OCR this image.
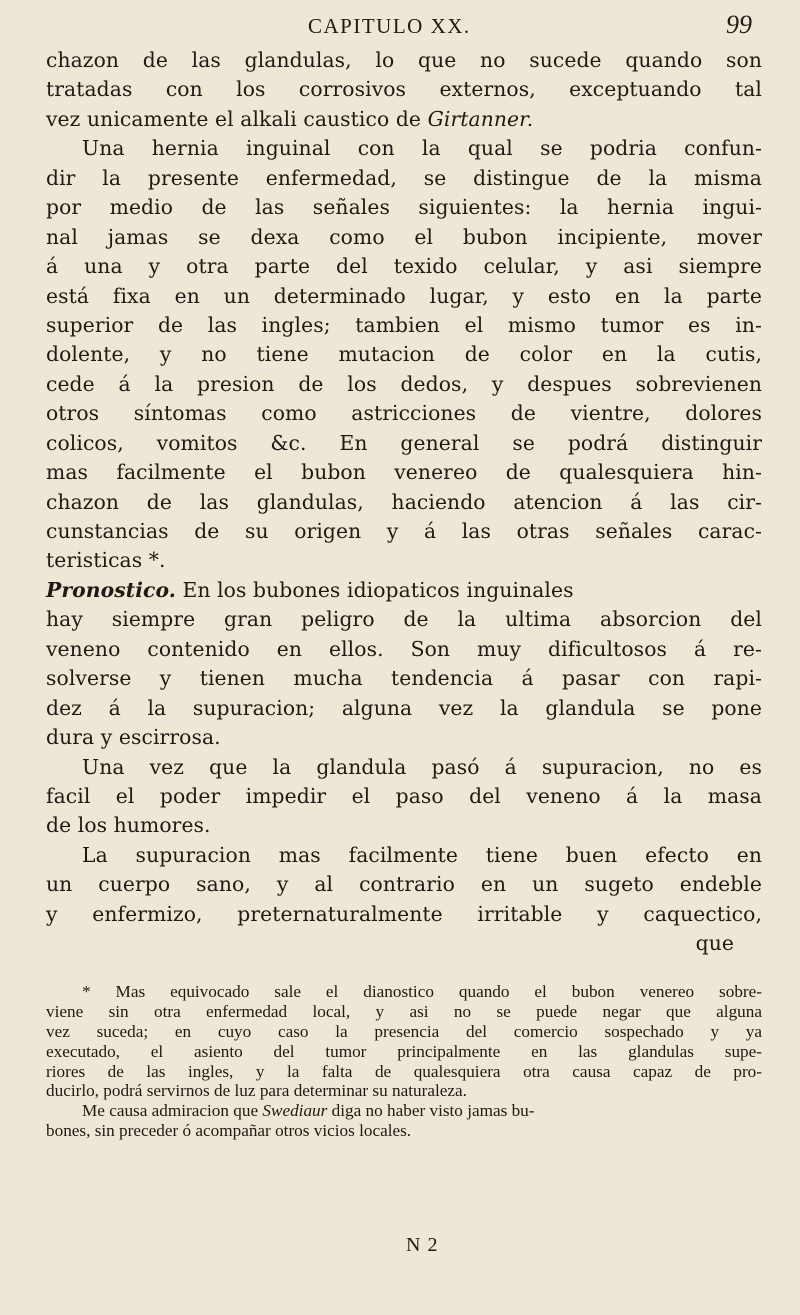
CAPITULO XX.	99
chazon de las glandulas, lo que no sucede quando son
tratadas con los corrosivos externos, exceptuando tal
vez unicamente el alkali caustico de Girtanner.
Una hernia inguinal con la qual se podria confun-
dir la presente enfermedad, se distingue de la misma
por medio de las señales siguientes: la hernia ingui-
nal jamas se dexa como el bubon incipiente, mover
á una y otra parte del texido celular, y asi siempre
está fixa en un determinado lugar, y esto en la parte
superior de las ingles; tambien el mismo tumor es in-
dolente, y no tiene mutacion de color en la cutis,
cede á la presion de los dedos, y despues sobrevienen
otros síntomas como astricciones de vientre, dolores
colicos, vomitos &c. En general se podrá distinguir
mas facilmente el bubon venereo de qualesquiera hin-
chazon de las glandulas, haciendo atencion á las cir-
cunstancias de su origen y á las otras señales carac-
teristicas *.
Pronostico. En los bubones idiopaticos inguinales
hay siempre gran peligro de la ultima absorcion del
veneno contenido en ellos. Son muy dificultosos á re-
solverse y tienen mucha tendencia á pasar con rapi-
dez á la supuracion; alguna vez la glandula se pone
dura y escirrosa.
Una vez que la glandula pasó á supuracion, no es
facil el poder impedir el paso del veneno á la masa
de los humores.
La supuracion mas facilmente tiene buen efecto en
un cuerpo sano, y al contrario en un sugeto endeble
y enfermizo, preternaturalmente irritable y caquectico,
que
* Mas equivocado sale el dianostico quando el bubon venereo sobre-
viene sin otra enfermedad local, y asi no se puede negar que alguna
vez suceda; en cuyo caso la presencia del comercio sospechado y ya
executado, el asiento del tumor principalmente en las glandulas supe-
riores de las ingles, y la falta de qualesquiera otra causa capaz de pro-
ducirlo, podrá servirnos de luz para determinar su naturaleza.
Me causa admiracion que Swediaur diga no haber visto jamas bu-
bones, sin preceder ó acompañar otros vicios locales.
N 2
